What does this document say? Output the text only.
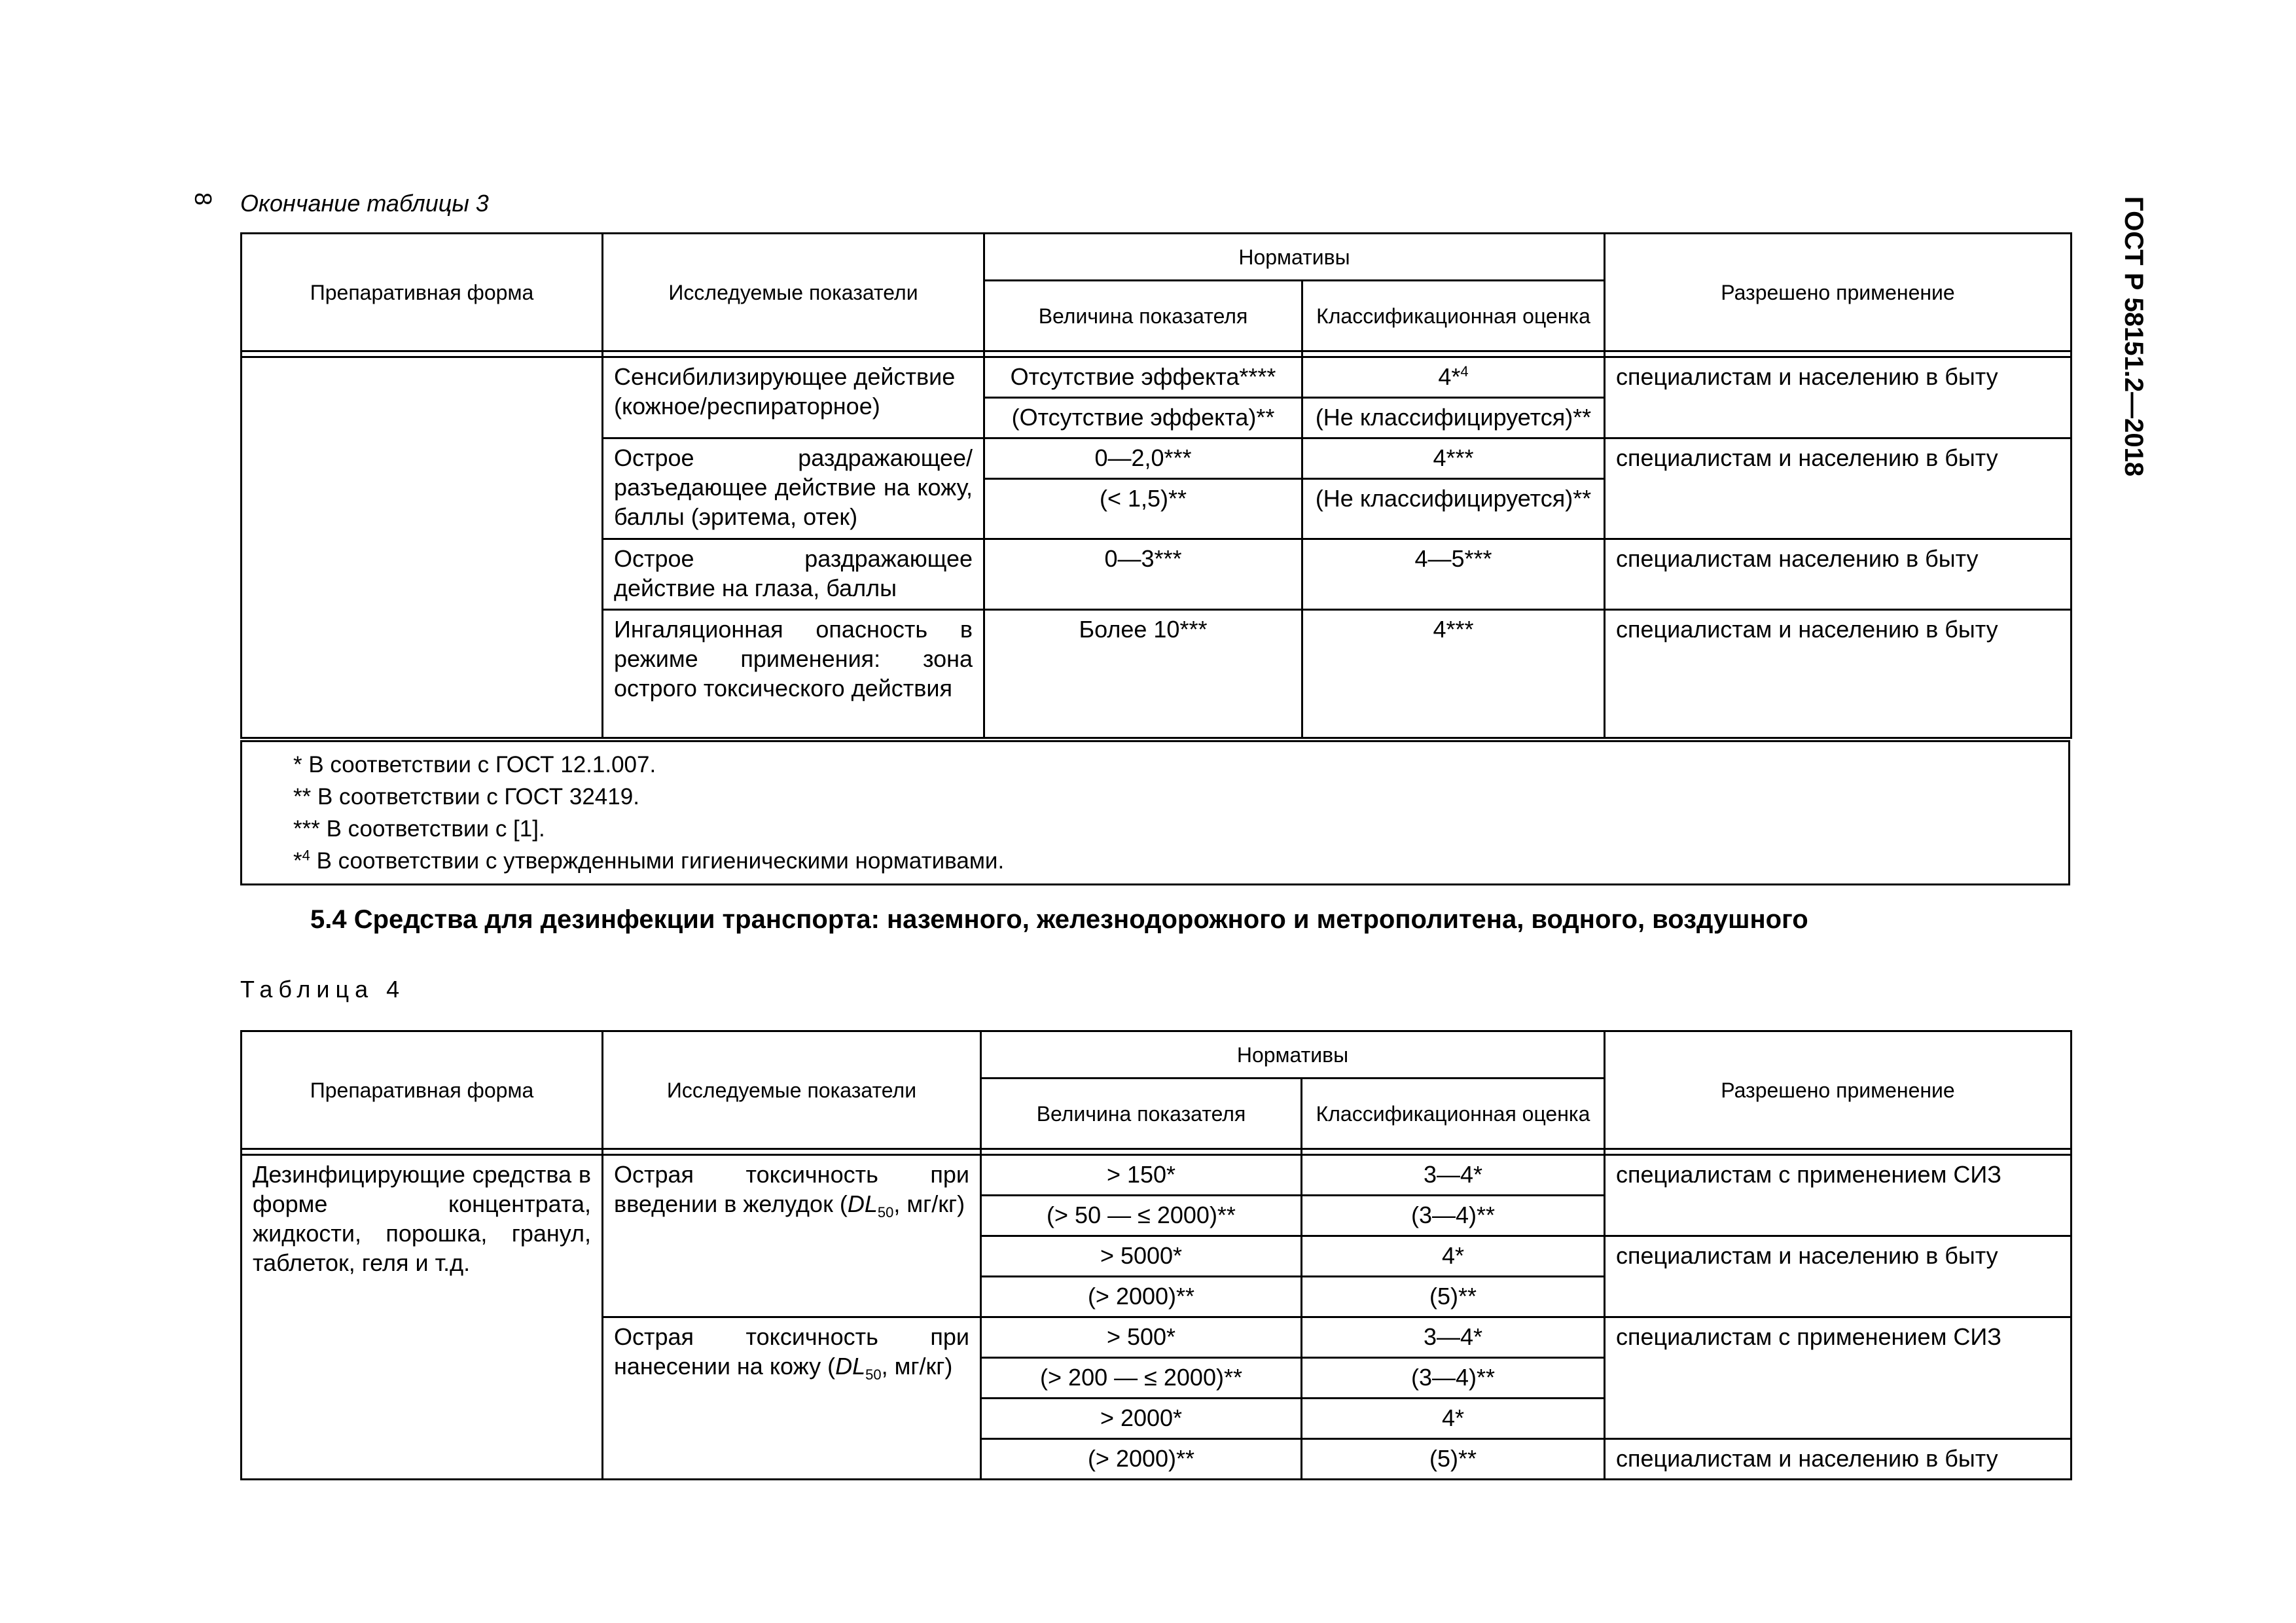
8 Окончание таблицы 3	ГОСТ Р 58151.2—2018
Препаративная форма	Исследуемые показатели	Нормативы		Разрешено применение
		Величина показателя	Классификационная оценка	

	Сенсибилизирующее действие (кожное/респираторное)	Отсутствие эффекта****	4*$^4$	специалистам и населению в быту
		(Отсутствие эффекта)**	(Не классифицируется)**	
	Острое раздражающее/ разъедающее действие на кожу, баллы (эритема, отек)	0—2,0***	4***	специалистам и населению в быту
		(< 1,5)**	(Не классифицируется)**	
	Острое раздражающее действие на глаза, баллы	0—3***	4—5***	специалистам населению в быту
	Ингаляционная опасность в режиме применения: зона острого токсического действия	Более 10***	4***	специалистам и населению в быту

* В соответствии с ГОСТ 12.1.007.
** В соответствии с ГОСТ 32419.
*** В соответствии с [1].
*$^4$ В соответствии с утвержденными гигиеническими нормативами.
5.4 Средства для дезинфекции транспорта: наземного, железнодорожного и метрополитена, водного, воздушного
Таблица 4
Препаративная форма	Исследуемые показатели	Нормативы		Разрешено применение
		Величина показателя	Классификационная оценка	

Дезинфицирующие средства в форме концентрата, жидкости, порошка, гранул, таблеток, геля и т.д.	Острая токсичность при введении в желудок ($DL_{50}$, мг/кг)	> 150*	3—4*	специалистам с применением СИЗ
		(> 50 — ≤ 2000)**	(3—4)**	
		> 5000*	4*	специалистам и населению в быту
		(> 2000)**	(5)**	
	Острая токсичность при нанесении на кожу ($DL_{50}$, мг/кг)	> 500*	3—4*	специалистам с применением СИЗ
		(> 200 — ≤ 2000)**	(3—4)**	
		> 2000*	4*	
		(> 2000)**	(5)**	специалистам и населению в быту
